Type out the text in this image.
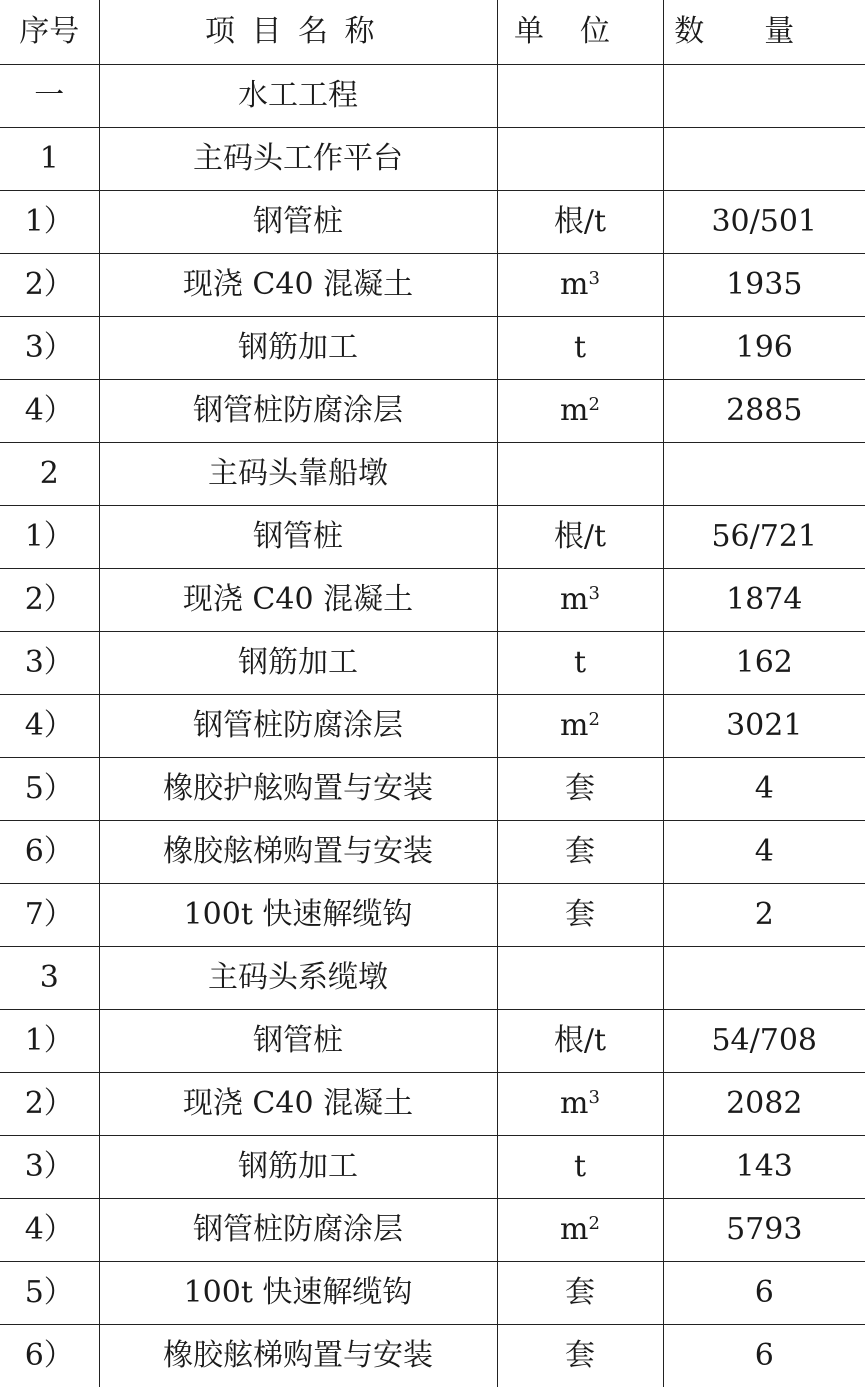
序号	项目名称	单位	数量
一	水工工程		
1	主码头工作平台		
1）	钢管桩	根/t	30/501
2）	现浇 C40 混凝土	$m^3$	1935
3）	钢筋加工	t	196
4）	钢管桩防腐涂层	$m^2$	2885
2	主码头靠船墩		
1）	钢管桩	根/t	56/721
2）	现浇 C40 混凝土	$m^3$	1874
3）	钢筋加工	t	162
4）	钢管桩防腐涂层	$m^2$	3021
5）	橡胶护舷购置与安装	套	4
6）	橡胶舷梯购置与安装	套	4
7）	100t 快速解缆钩	套	2
3	主码头系缆墩		
1）	钢管桩	根/t	54/708
2）	现浇 C40 混凝土	$m^3$	2082
3）	钢筋加工	t	143
4）	钢管桩防腐涂层	$m^2$	5793
5）	100t 快速解缆钩	套	6
6）	橡胶舷梯购置与安装	套	6
